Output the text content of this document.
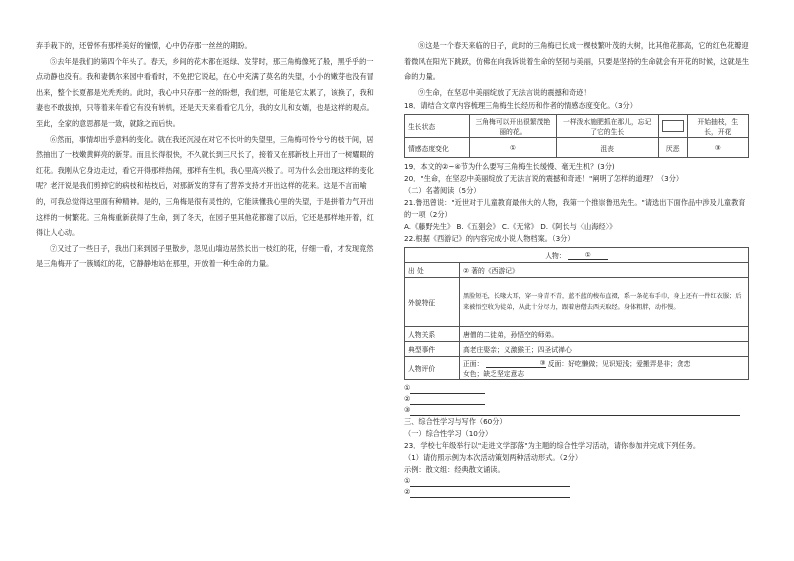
弃手栽下的，还曾怀有那样美好的憧憬，心中仍存那一丝丝的期盼。

⑤去年是我们的第四个年头了。春天，乡间的花木都在返绿、发芽时，那三角梅像死了般，黑乎乎的一点动静也没有。我和妻偶尔来园中看看时，不免把它说起，在心中充满了莫名的失望，小小的嫩芽也没有冒出来，整个长夏都是光秃秃的。此时，我心中只存那一丝的盼想，我们想，可能是它太累了，该换了，我和妻也不敢拔掉，只等着来年看它有没有转机，还是天天来看看它几分，我的女儿和女婿，也是这样的观点。至此，全家的意思都是一致，就除之而后快。

⑥然而，事情却出乎意料的变化。就在我还沉浸在对它不长叶的失望里，三角梅可怜兮兮的枝干间，居然抽出了一枝嫩黄鲜亮的新芽。而且长得很快，不久就长到三尺长了，接着又在那新枝上开出了一树耀眼的红花。我刚从它身边走过，看它开得那样热闹，那样有生机，我心里高兴极了。可为什么会出现这样的变化呢？老汗说是我们剪掉它的病枝和枯枝后，对那新发的芽有了营养支持才开出这样的花来。这是不言而喻的，可我总觉得这里面有种精神。是的，三角梅是很有灵性的，它能读懂我心里的失望，于是拼着力气开出这样的一树繁花。三角梅重新获得了生命，到了冬天，在园子里其他花都谢了以后，它还是那样地开着，红得让人心动。

⑦又过了一些日子，我出门来到园子里散步，忽见山墙边居然长出一枝红的花，仔细一看，才发现竟然是三角梅开了一簇嫣红的花，它静静地站在那里，开放着一种生命的力量。

⑧这是一个春天来临的日子，此时的三角梅已长成一棵枝繁叶茂的大树，比其他花都高，它的红色花瓣迎着微风在阳光下跳跃，仿佛在向我诉说着生命的坚韧与美丽，只要是坚持的生命就会有开花的时候，这就是生命的力量。

⑨生命，在坚忍中美丽绽放了无法言说的震撼和奇迹！

18．请结合文章内容梳理三角梅生长经历和作者的情感态度变化。（3分）
生长状态	三角梅可以开出很繁茂艳丽的花。	一样泼水施肥抓在那儿，忘记了它的生长		开始抽枝，生长，开花
情感态度变化	①	沮丧	厌恶	③
19．本文的②~④节为什么要写三角梅生长缓慢、毫无生机？(3分)
20．"生命，在坚忍中美丽绽放了无法言说的震撼和奇迹！"阐明了怎样的道理？（3分）
（二）名著阅读（5分）
21.鲁迅曾说："近世对于儿童教育最伟大的人物，我第一个推崇鲁迅先生。"请选出下面作品中涉及儿童教育的一项（2分）
A.《藤野先生》 B.《五猖会》 C.《无常》 D.《阿长与〈山海经〉》
22.根据《西游记》的内容完成小说人物档案。（3分）
人物： ①	
出 处	② 著的《西游记》
外貌特征	黑脸短毛，长喙大耳，穿一身青不青，蓝不蓝的梭布直裰，系一条花布手巾，身上还有一件红衣服；后来被悟空收为徒弟，从此十分尽力，跟着唐僧去西天取经。身体粗胖，动作慢。
人物关系	唐僧的二徒弟，孙悟空的师弟。
典型事件	高老庄娶亲；义激猴王；四圣试禅心
人物评价	正面： ③ 反面：好吃懒做；见识短浅；爱搬弄是非；贪恋
女色；缺乏坚定意志
①
②
③
三、综合性学习与写作（60分）
（一）综合性学习（10分）
23．学校七年级举行以"走进文学部落"为主题的综合性学习活动，请你参加并完成下列任务。
（1）请仿照示例为本次活动策划两种活动形式。（2分）
示例：散文组：经典散文诵读。
①
②
